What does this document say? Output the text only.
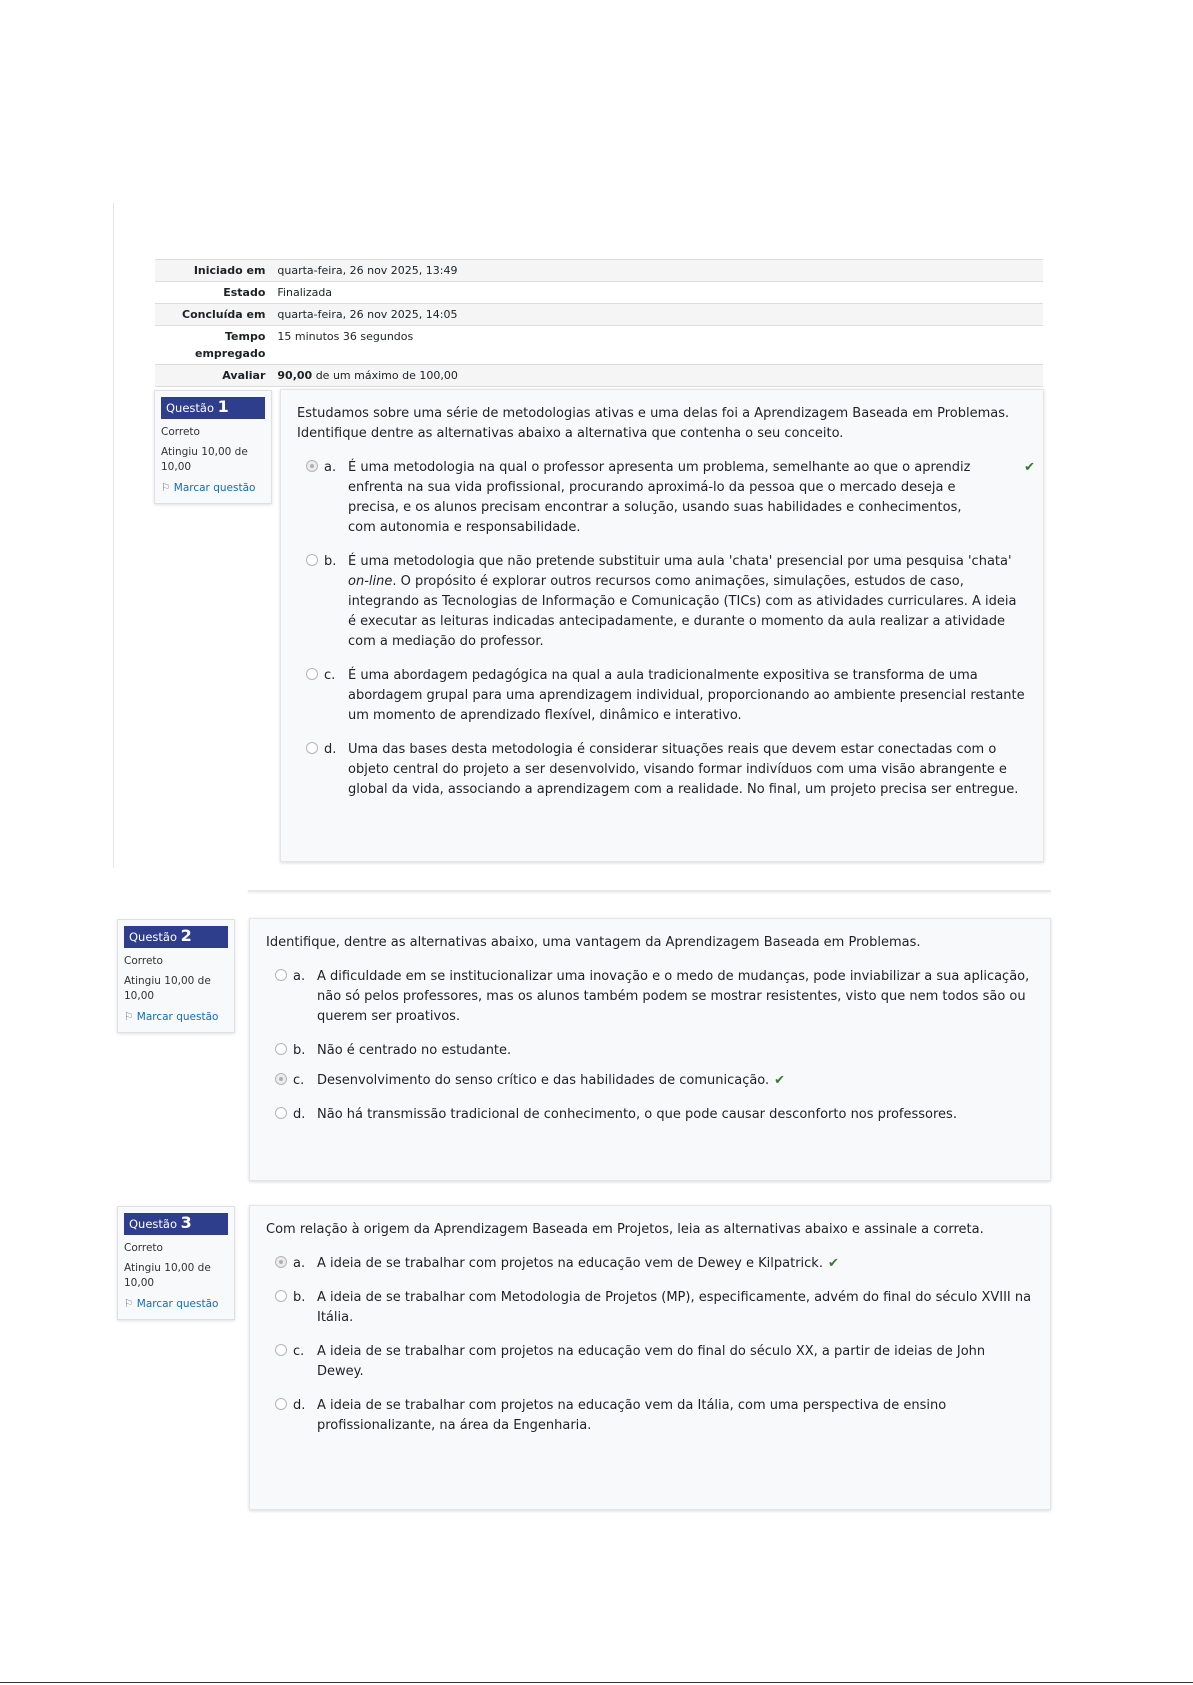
Iniciado em	quarta-feira, 26 nov 2025, 13:49
Estado	Finalizada
Concluída em	quarta-feira, 26 nov 2025, 14:05
Tempo empregado	15 minutos 36 segundos
Avaliar	90,00 de um máximo de 100,00
Questão 1
Correto
Atingiu 10,00 de 10,00
⚐ Marcar questão
Estudamos sobre uma série de metodologias ativas e uma delas foi a Aprendizagem Baseada em Problemas. Identifique dentre as alternativas abaixo a alternativa que contenha o seu conceito.
a. É uma metodologia na qual o professor apresenta um problema, semelhante ao que o aprendiz enfrenta na sua vida profissional, procurando aproximá-lo da pessoa que o mercado deseja e precisa, e os alunos precisam encontrar a solução, usando suas habilidades e conhecimentos, com autonomia e responsabilidade.
✔
b. É uma metodologia que não pretende substituir uma aula 'chata' presencial por uma pesquisa 'chata' on-line. O propósito é explorar outros recursos como animações, simulações, estudos de caso, integrando as Tecnologias de Informação e Comunicação (TICs) com as atividades curriculares. A ideia é executar as leituras indicadas antecipadamente, e durante o momento da aula realizar a atividade com a mediação do professor.
c. É uma abordagem pedagógica na qual a aula tradicionalmente expositiva se transforma de uma abordagem grupal para uma aprendizagem individual, proporcionando ao ambiente presencial restante um momento de aprendizado flexível, dinâmico e interativo.
d. Uma das bases desta metodologia é considerar situações reais que devem estar conectadas com o objeto central do projeto a ser desenvolvido, visando formar indivíduos com uma visão abrangente e global da vida, associando a aprendizagem com a realidade. No final, um projeto precisa ser entregue.
Questão 2
Correto
Atingiu 10,00 de 10,00
⚐ Marcar questão
Identifique, dentre as alternativas abaixo, uma vantagem da Aprendizagem Baseada em Problemas.
a. A dificuldade em se institucionalizar uma inovação e o medo de mudanças, pode inviabilizar a sua aplicação, não só pelos professores, mas os alunos também podem se mostrar resistentes, visto que nem todos são ou querem ser proativos.
b. Não é centrado no estudante.
c. Desenvolvimento do senso crítico e das habilidades de comunicação. ✔
d. Não há transmissão tradicional de conhecimento, o que pode causar desconforto nos professores.
Questão 3
Correto
Atingiu 10,00 de 10,00
⚐ Marcar questão
Com relação à origem da Aprendizagem Baseada em Projetos, leia as alternativas abaixo e assinale a correta.
a. A ideia de se trabalhar com projetos na educação vem de Dewey e Kilpatrick. ✔
b. A ideia de se trabalhar com Metodologia de Projetos (MP), especificamente, advém do final do século XVIII na Itália.
c. A ideia de se trabalhar com projetos na educação vem do final do século XX, a partir de ideias de John Dewey.
d. A ideia de se trabalhar com projetos na educação vem da Itália, com uma perspectiva de ensino profissionalizante, na área da Engenharia.
